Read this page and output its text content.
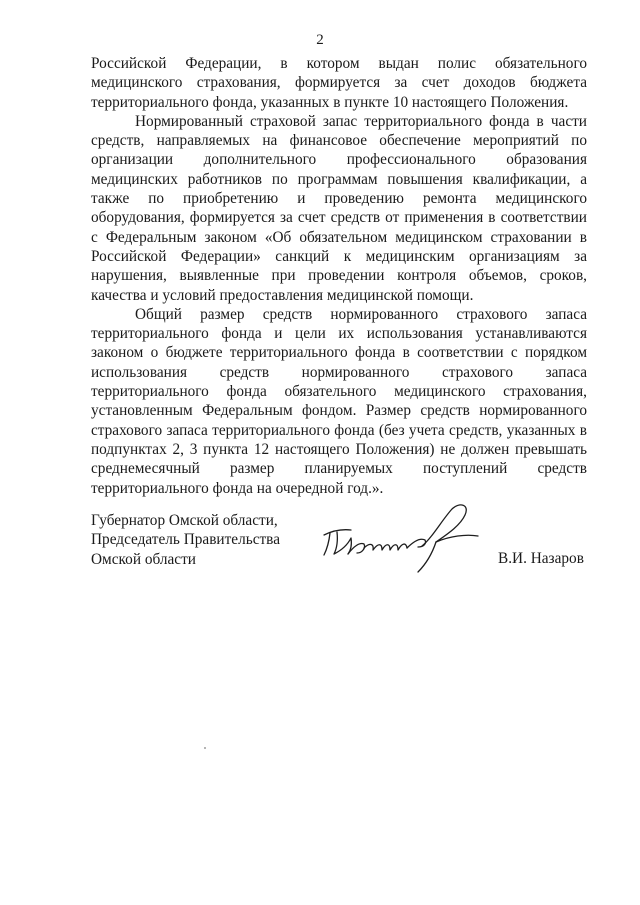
2

Российской Федерации, в котором выдан полис обязательного медицинского страхования, формируется за счет доходов бюджета территориального фонда, указанных в пункте 10 настоящего Положения.

Нормированный страховой запас территориального фонда в части средств, направляемых на финансовое обеспечение мероприятий по организации дополнительного профессионального образования медицинских работников по программам повышения квалификации, а также по приобретению и проведению ремонта медицинского оборудования, формируется за счет средств от применения в соответствии с Федеральным законом «Об обязательном медицинском страховании в Российской Федерации» санкций к медицинским организациям за нарушения, выявленные при проведении контроля объемов, сроков, качества и условий предоставления медицинской помощи.

Общий размер средств нормированного страхового запаса территориального фонда и цели их использования устанавливаются законом о бюджете территориального фонда в соответствии с порядком использования средств нормированного страхового запаса территориального фонда обязательного медицинского страхования, установленным Федеральным фондом. Размер средств нормированного страхового запаса территориального фонда (без учета средств, указанных в подпунктах 2, 3 пункта 12 настоящего Положения) не должен превышать среднемесячный размер планируемых поступлений средств территориального фонда на очередной год.».

Губернатор Омской области,
Председатель Правительства
Омской области	В.И. Назаров
